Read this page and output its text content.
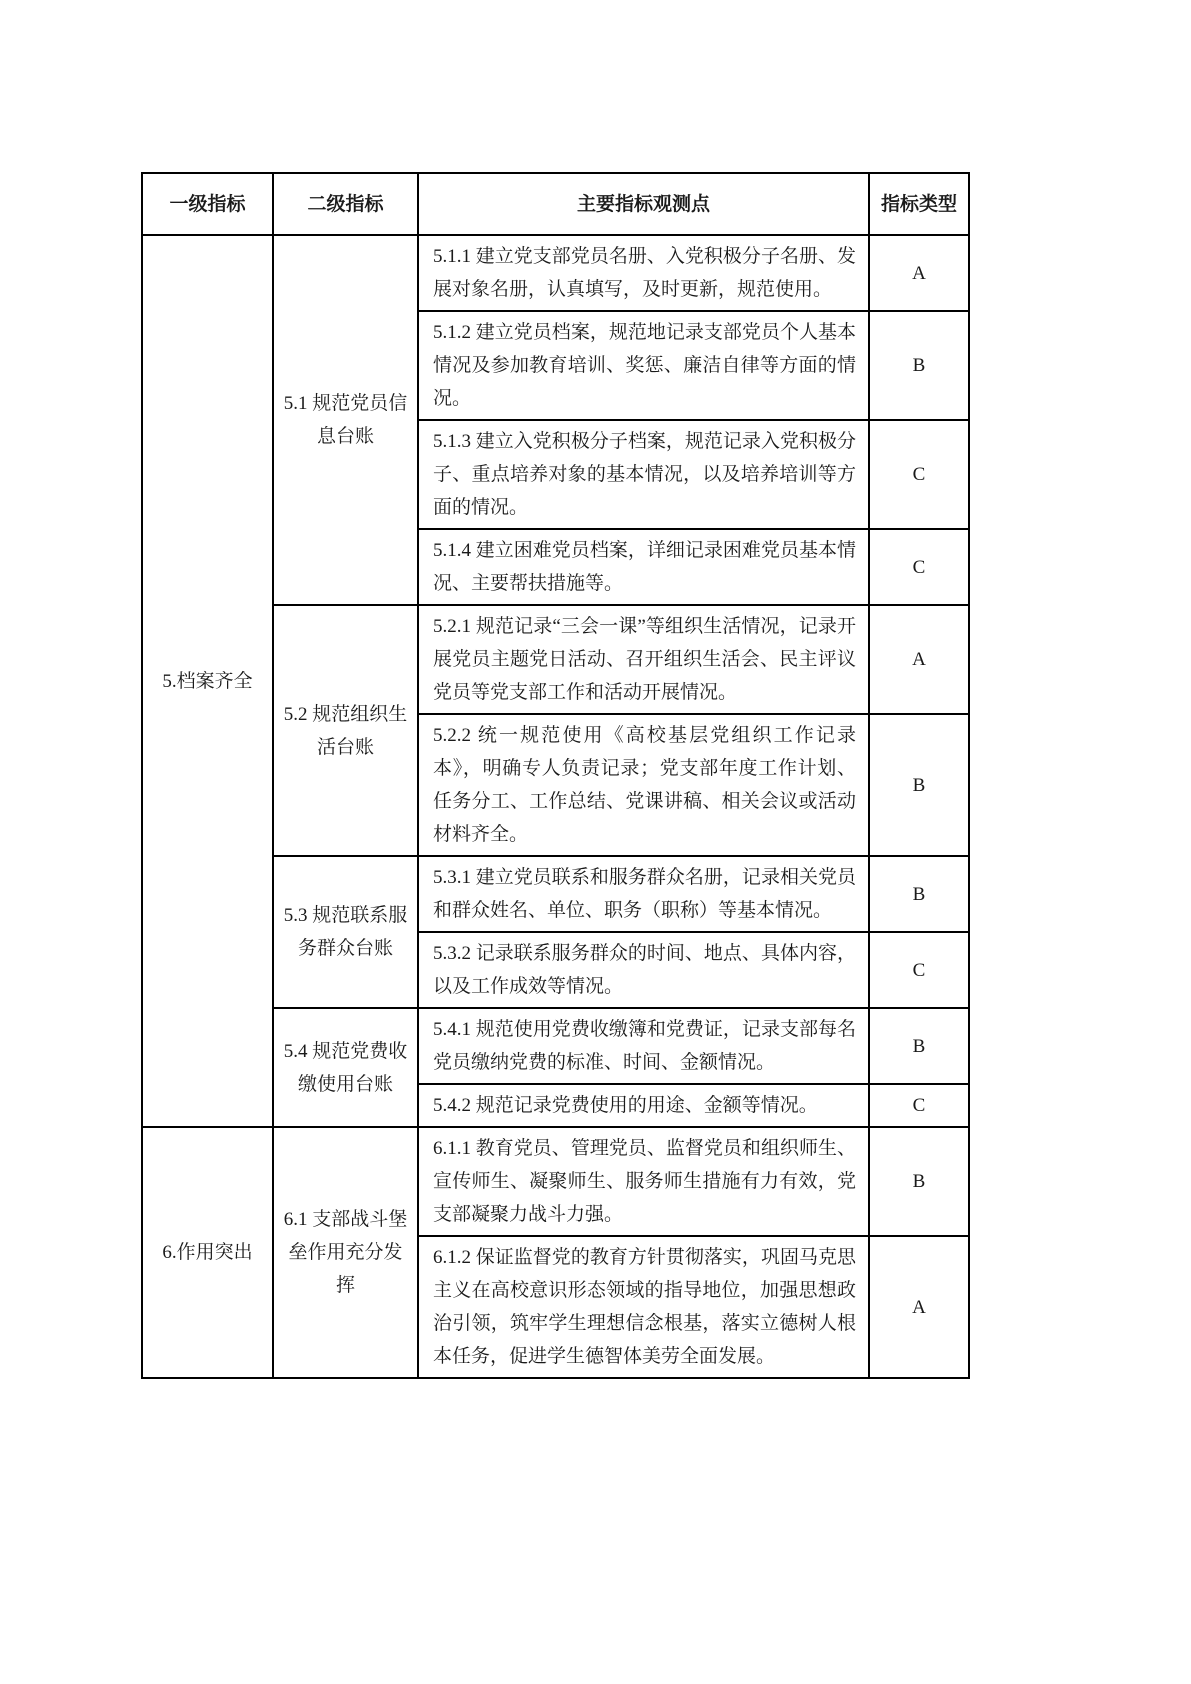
一级指标	二级指标	主要指标观测点	指标类型
5.档案齐全	5.1 规范党员信息台账	5.1.1 建立党支部党员名册、入党积极分子名册、发展对象名册，认真填写，及时更新，规范使用。	A
		5.1.2 建立党员档案，规范地记录支部党员个人基本情况及参加教育培训、奖惩、廉洁自律等方面的情况。	B
		5.1.3 建立入党积极分子档案，规范记录入党积极分子、重点培养对象的基本情况，以及培养培训等方面的情况。	C
		5.1.4 建立困难党员档案，详细记录困难党员基本情况、主要帮扶措施等。	C
	5.2 规范组织生活台账	5.2.1 规范记录“三会一课”等组织生活情况，记录开展党员主题党日活动、召开组织生活会、民主评议党员等党支部工作和活动开展情况。	A
		5.2.2 统一规范使用《高校基层党组织工作记录本》，明确专人负责记录；党支部年度工作计划、任务分工、工作总结、党课讲稿、相关会议或活动材料齐全。	B
	5.3 规范联系服务群众台账	5.3.1 建立党员联系和服务群众名册，记录相关党员和群众姓名、单位、职务（职称）等基本情况。	B
		5.3.2 记录联系服务群众的时间、地点、具体内容，以及工作成效等情况。	C
	5.4 规范党费收缴使用台账	5.4.1 规范使用党费收缴簿和党费证，记录支部每名党员缴纳党费的标准、时间、金额情况。	B
		5.4.2 规范记录党费使用的用途、金额等情况。	C
6.作用突出	6.1 支部战斗堡垒作用充分发挥	6.1.1 教育党员、管理党员、监督党员和组织师生、宣传师生、凝聚师生、服务师生措施有力有效，党支部凝聚力战斗力强。	B
		6.1.2 保证监督党的教育方针贯彻落实，巩固马克思主义在高校意识形态领域的指导地位，加强思想政治引领，筑牢学生理想信念根基，落实立德树人根本任务，促进学生德智体美劳全面发展。	A
